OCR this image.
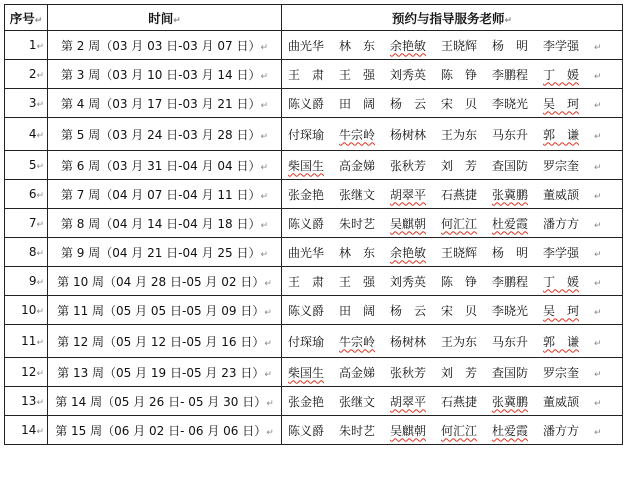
序号↵	时间↵	预约与指导服务老师↵
1↵	第 2 周（03 月 03 日-03 月 07 日）↵	曲光华 林　东 余艳敏 王晓辉 杨　明 李学强 ↵
2↵	第 3 周（03 月 10 日-03 月 14 日）↵	王　肃 王　强 刘秀英 陈　铮 李鹏程 丁　媛 ↵
3↵	第 4 周（03 月 17 日-03 月 21 日）↵	陈义爵 田　阔 杨　云 宋　贝 李晓光 吴　珂 ↵
4↵	第 5 周（03 月 24 日-03 月 28 日）↵	付琛瑜 牛宗岭 杨树林 王为东 马东升 郭　谦 ↵
5↵	第 6 周（03 月 31 日-04 月 04 日）↵	柴国生 高金娣 张秋芳 刘　芳 查国防 罗宗奎 ↵
6↵	第 7 周（04 月 07 日-04 月 11 日）↵	张金艳 张继文 胡翠平 石燕捷 张冀鹏 董威颉 ↵
7↵	第 8 周（04 月 14 日-04 月 18 日）↵	陈义爵 朱时艺 吴麒朝 何汇江 杜爱霞 潘方方 ↵
8↵	第 9 周（04 月 21 日-04 月 25 日）↵	曲光华 林　东 余艳敏 王晓辉 杨　明 李学强 ↵
9↵	第 10 周（04 月 28 日-05 月 02 日）↵	王　肃 王　强 刘秀英 陈　铮 李鹏程 丁　媛 ↵
10↵	第 11 周（05 月 05 日-05 月 09 日）↵	陈义爵 田　阔 杨　云 宋　贝 李晓光 吴　珂 ↵
11↵	第 12 周（05 月 12 日-05 月 16 日）↵	付琛瑜 牛宗岭 杨树林 王为东 马东升 郭　谦 ↵
12↵	第 13 周（05 月 19 日-05 月 23 日）↵	柴国生 高金娣 张秋芳 刘　芳 查国防 罗宗奎 ↵
13↵	第 14 周（05 月 26 日- 05 月 30 日）↵	张金艳 张继文 胡翠平 石燕捷 张冀鹏 董威颉 ↵
14↵	第 15 周（06 月 02 日- 06 月 06 日）↵	陈义爵 朱时艺 吴麒朝 何汇江 杜爱霞 潘方方 ↵
